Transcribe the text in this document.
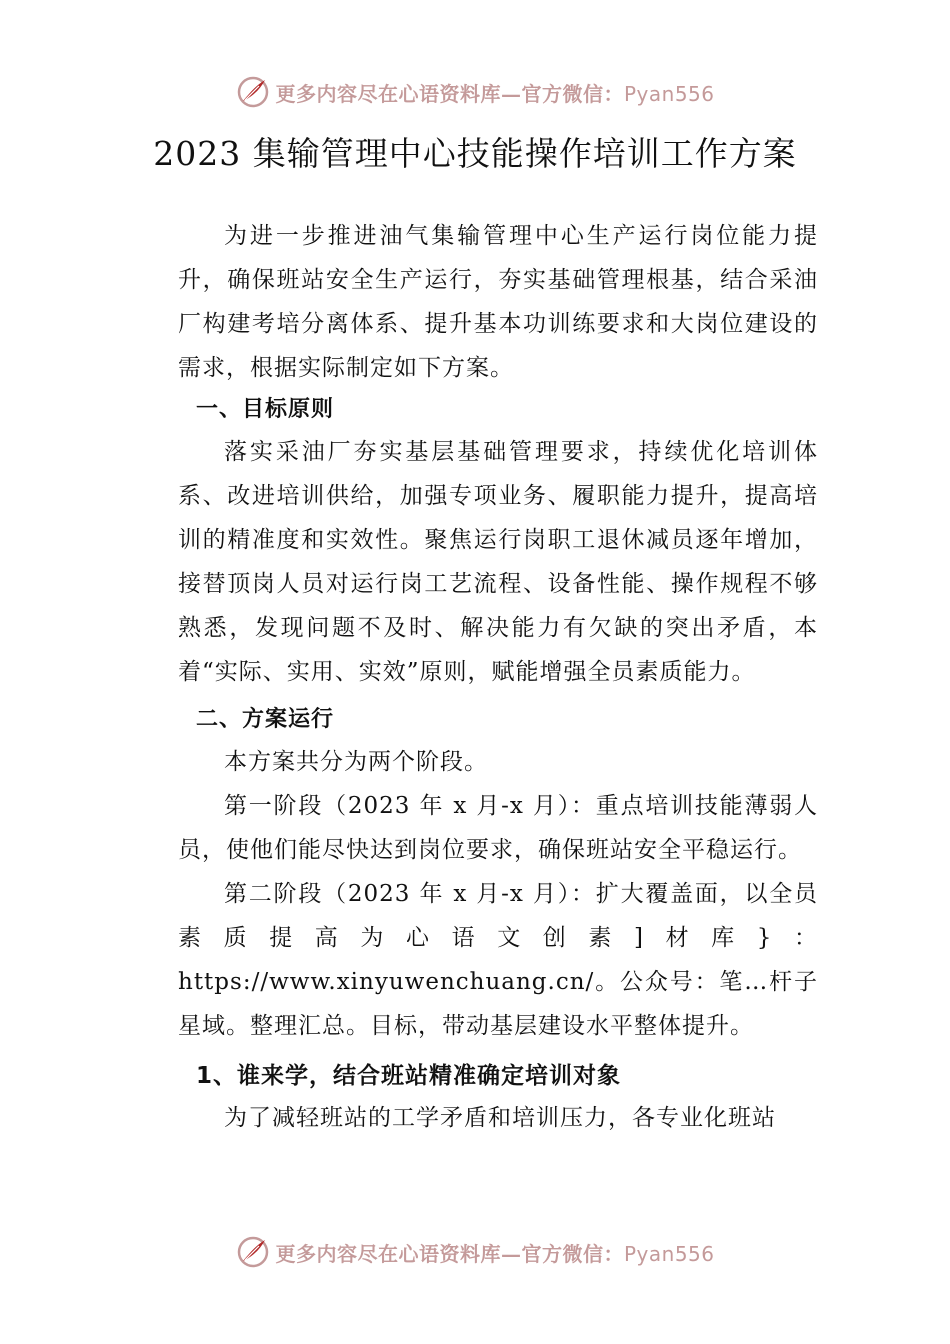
更多内容尽在心语资料库—官方微信：Pyan556
2023 集输管理中心技能操作培训工作方案

为进一步推进油气集输管理中心生产运行岗位能力提升，确保班站安全生产运行，夯实基础管理根基，结合采油厂构建考培分离体系、提升基本功训练要求和大岗位建设的需求，根据实际制定如下方案。

一、目标原则

落实采油厂夯实基层基础管理要求，持续优化培训体系、改进培训供给，加强专项业务、履职能力提升，提高培训的精准度和实效性。聚焦运行岗职工退休减员逐年增加，接替顶岗人员对运行岗工艺流程、设备性能、操作规程不够熟悉，发现问题不及时、解决能力有欠缺的突出矛盾，本着“实际、实用、实效”原则，赋能增强全员素质能力。

二、方案运行

本方案共分为两个阶段。

第一阶段（2023 年 x 月-x 月）：重点培训技能薄弱人员，使他们能尽快达到岗位要求，确保班站安全平稳运行。

第二阶段（2023 年 x 月-x 月）：扩大覆盖面，以全员素质提高为心语文创素]材库}：https://www.xinyuwenchuang.cn/。公众号：笔…杆子星域。整理汇总。目标，带动基层建设水平整体提升。

1、谁来学，结合班站精准确定培训对象

为了减轻班站的工学矛盾和培训压力，各专业化班站

更多内容尽在心语资料库—官方微信：Pyan556
